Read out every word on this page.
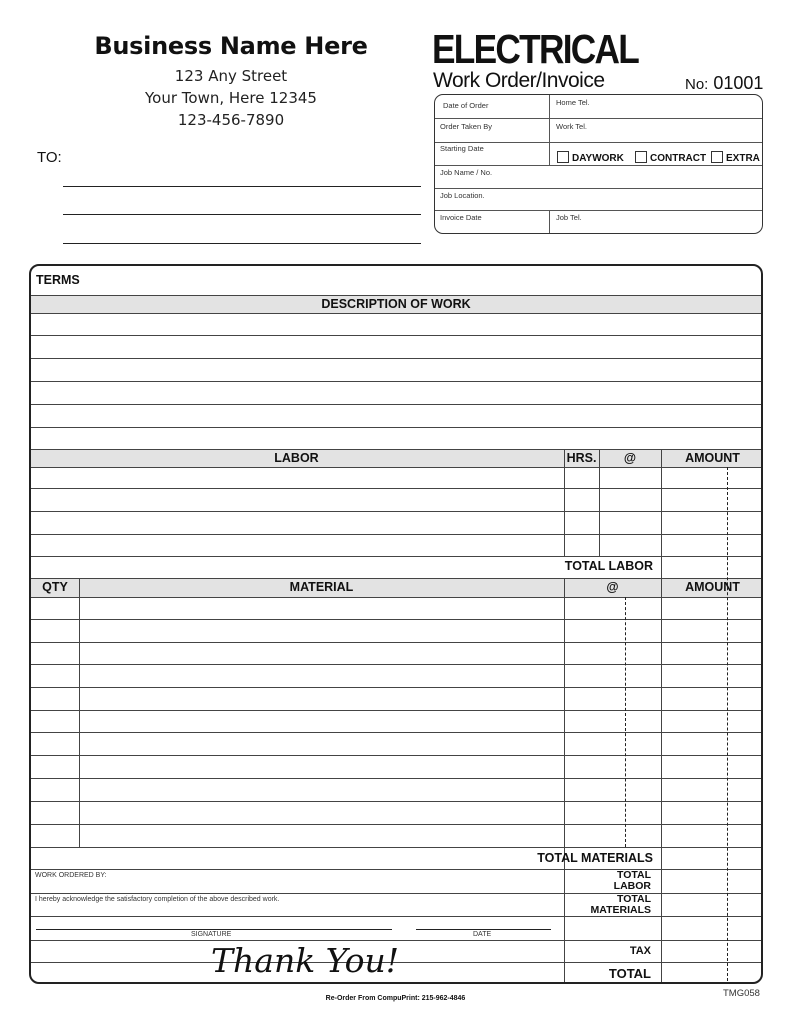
Business Name Here
123 Any Street
Your Town, Here 12345
123-456-7890
TO:
ELECTRICAL
Work Order/Invoice	No: 01001
Date of Order	Home Tel.
Order Taken By	Work Tel.
Starting Date
DAYWORK	CONTRACT	EXTRA
Job Name / No.
Job Location.
Invoice Date	Job Tel.
TERMS
DESCRIPTION OF WORK
LABOR	HRS.	@	AMOUNT
TOTAL LABOR
QTY	MATERIAL	@	AMOUNT
TOTAL MATERIALS
WORK ORDERED BY:
I hereby acknowledge the satisfactory completion of the above described work.
SIGNATURE	DATE
TOTAL
LABOR
TOTAL
MATERIALS
TAX
TOTAL
Thank You!
Re-Order From CompuPrint: 215-962-4846	TMG058
